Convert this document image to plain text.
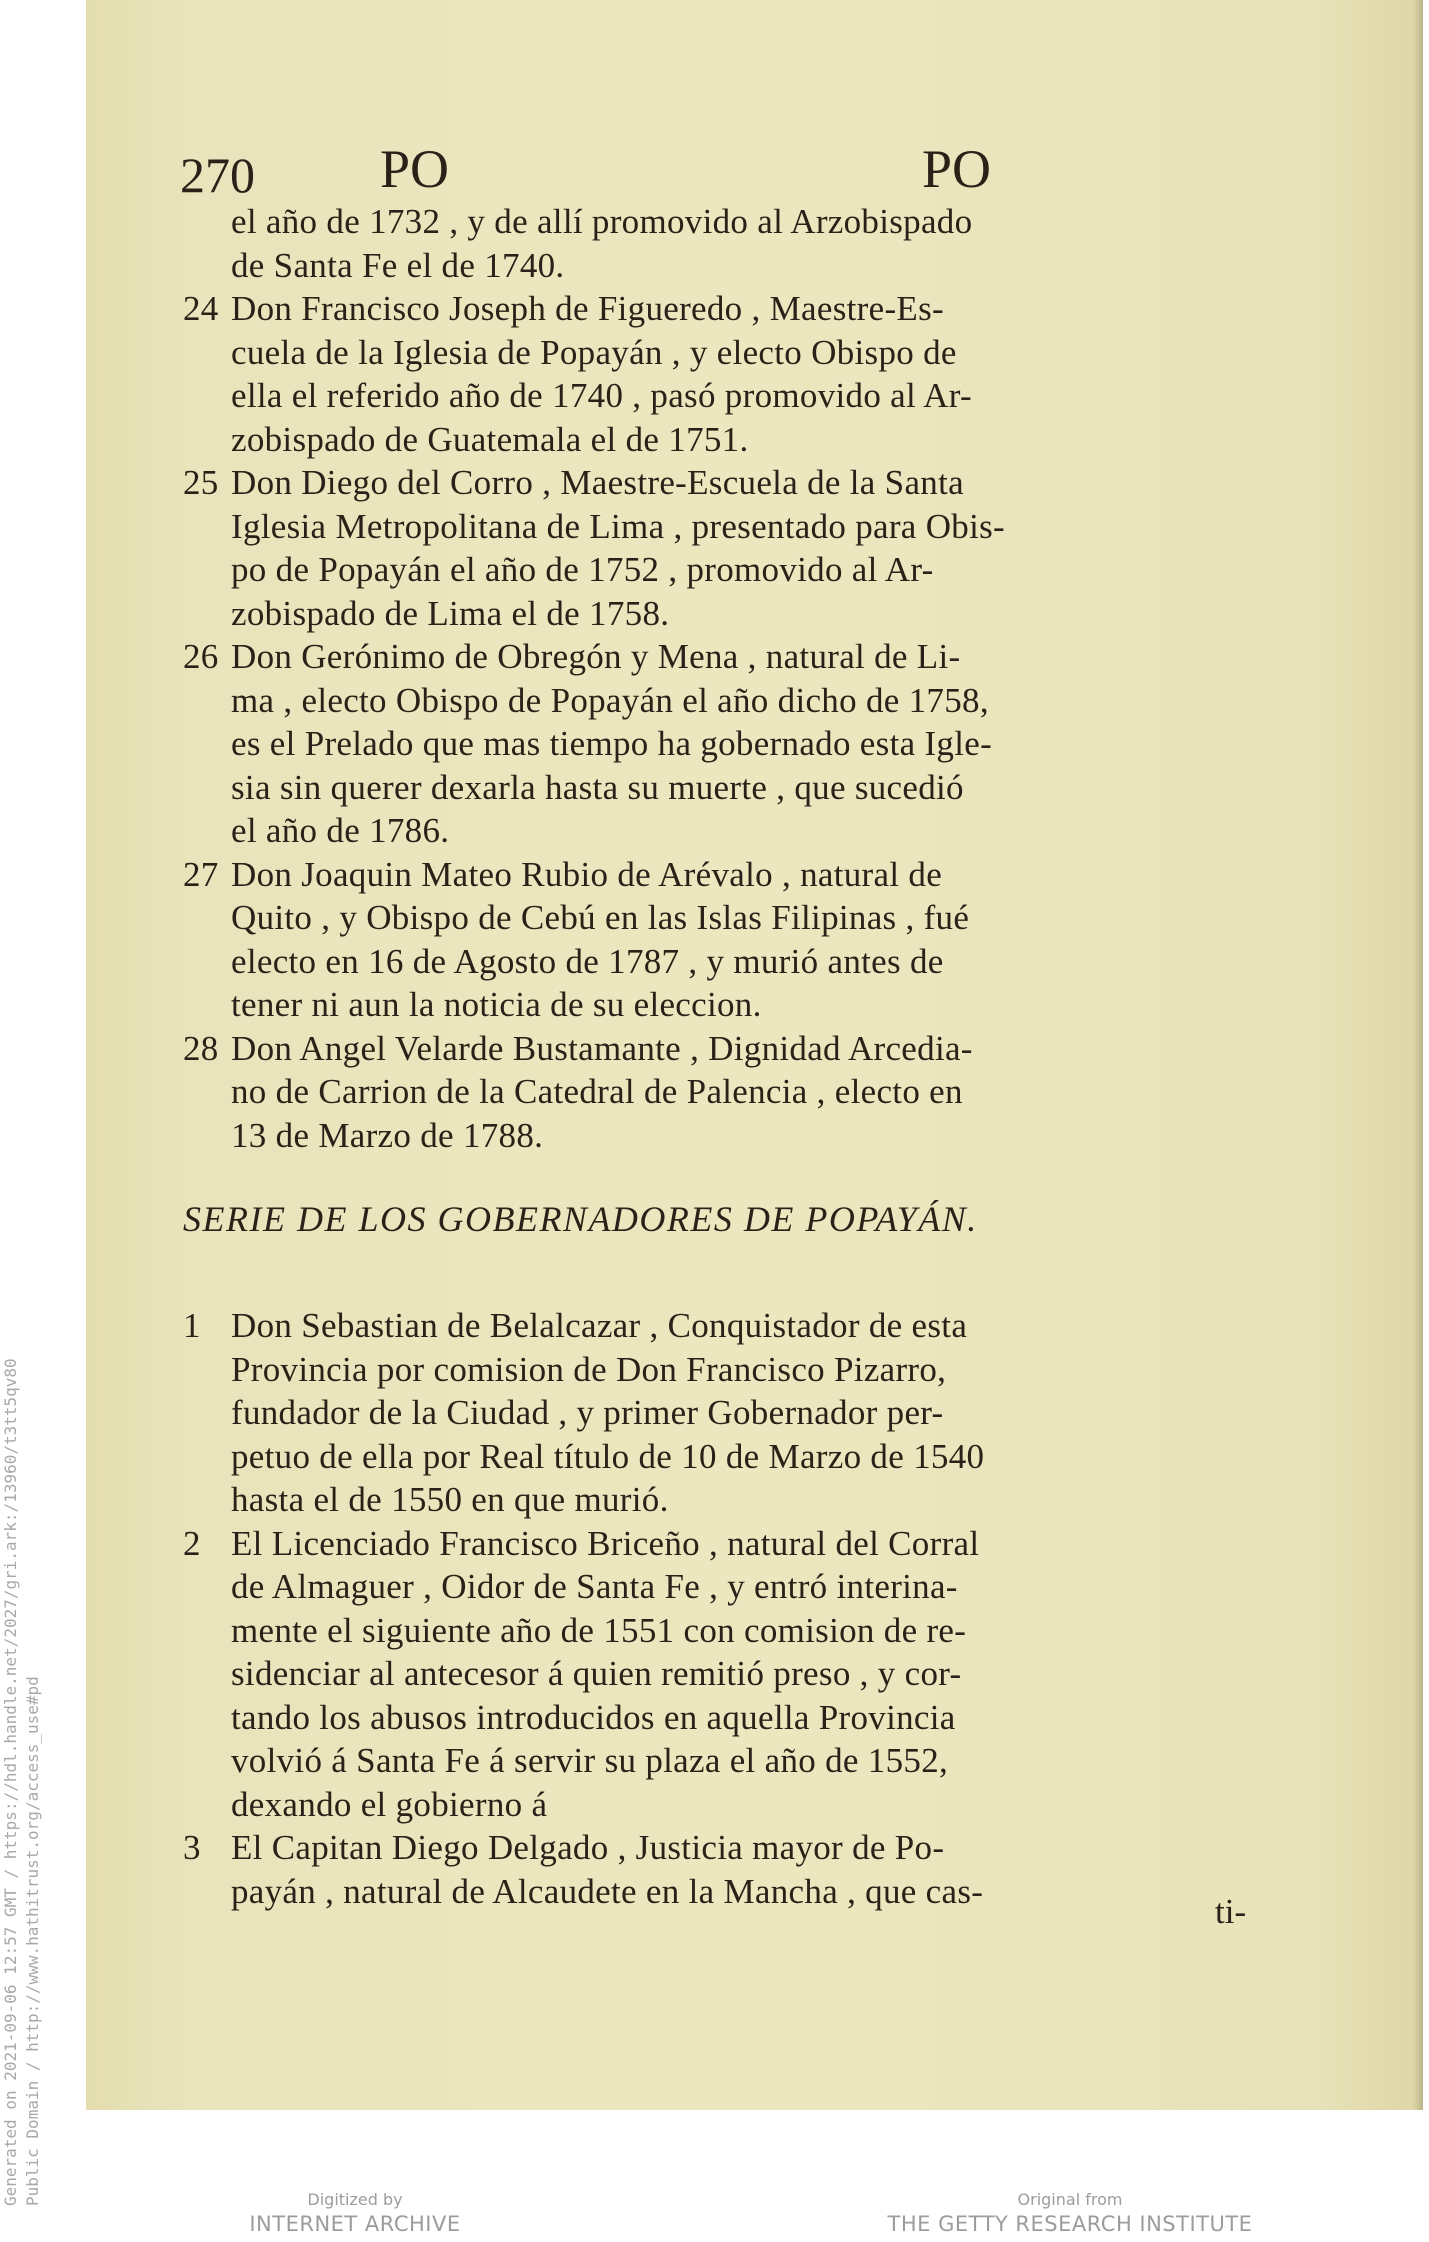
270 PO	PO
el año de 1732 , y de allí promovido al Arzobispado
de Santa Fe el de 1740.
24 Don Francisco Joseph de Figueredo , Maestre-Es-
cuela de la Iglesia de Popayán , y electo Obispo de
ella el referido año de 1740 , pasó promovido al Ar-
zobispado de Guatemala el de 1751.
25 Don Diego del Corro , Maestre-Escuela de la Santa
Iglesia Metropolitana de Lima , presentado para Obis-
po de Popayán el año de 1752 , promovido al Ar-
zobispado de Lima el de 1758.
26 Don Gerónimo de Obregón y Mena , natural de Li-
ma , electo Obispo de Popayán el año dicho de 1758,
es el Prelado que mas tiempo ha gobernado esta Igle-
sia sin querer dexarla hasta su muerte , que sucedió
el año de 1786.
27 Don Joaquin Mateo Rubio de Arévalo , natural de
Quito , y Obispo de Cebú en las Islas Filipinas , fué
electo en 16 de Agosto de 1787 , y murió antes de
tener ni aun la noticia de su eleccion.
28 Don Angel Velarde Bustamante , Dignidad Arcedia-
no de Carrion de la Catedral de Palencia , electo en
13 de Marzo de 1788.
SERIE DE LOS GOBERNADORES DE POPAYÁN.
1 Don Sebastian de Belalcazar , Conquistador de esta
Provincia por comision de Don Francisco Pizarro,
fundador de la Ciudad , y primer Gobernador per-
petuo de ella por Real título de 10 de Marzo de 1540
hasta el de 1550 en que murió.
2 El Licenciado Francisco Briceño , natural del Corral
de Almaguer , Oidor de Santa Fe , y entró interina-
mente el siguiente año de 1551 con comision de re-
sidenciar al antecesor á quien remitió preso , y cor-
tando los abusos introducidos en aquella Provincia
volvió á Santa Fe á servir su plaza el año de 1552,
dexando el gobierno á
3 El Capitan Diego Delgado , Justicia mayor de Po-
payán , natural de Alcaudete en la Mancha , que cas-
ti-
Generated on 2021-09-06 12:57 GMT / https://hdl.handle.net/2027/gri.ark:/13960/t3tt5qv80 Public Domain / http://www.hathitrust.org/access_use#pd	Digitized by
INTERNET ARCHIVE
Original from
THE GETTY RESEARCH INSTITUTE
